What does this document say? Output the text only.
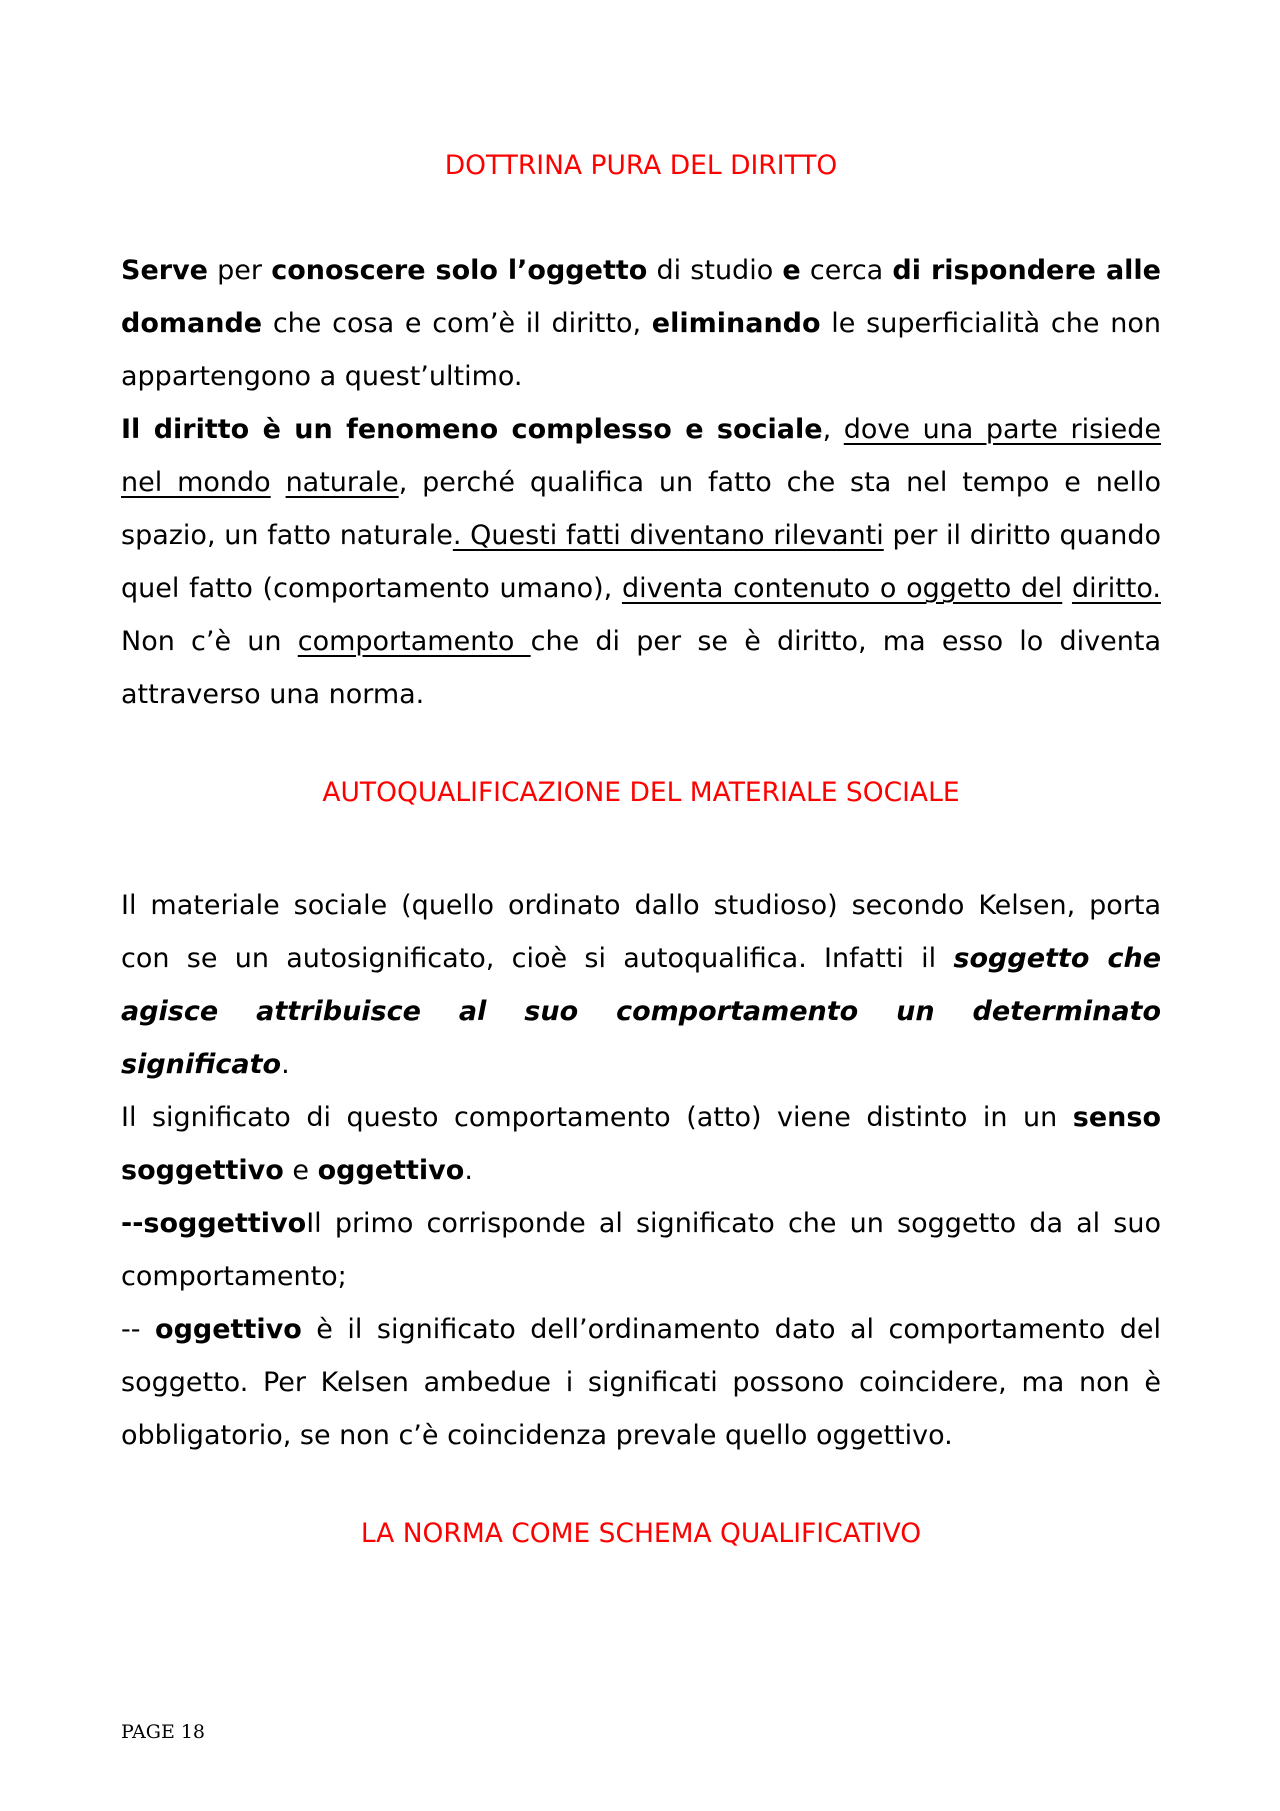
DOTTRINA PURA DEL DIRITTO

Serve per conoscere solo l’oggetto di studio e cerca di rispondere alle domande che cosa e com’è il diritto, eliminando le superficialità che non appartengono a quest’ultimo.

Il diritto è un fenomeno complesso e sociale, dove una parte risiede nel mondo naturale, perché qualifica un fatto che sta nel tempo e nello spazio, un fatto naturale. Questi fatti diventano rilevanti per il diritto quando quel fatto (comportamento umano), diventa contenuto o oggetto del diritto. Non c’è un comportamento che di per se è diritto, ma esso lo diventa attraverso una norma.

AUTOQUALIFICAZIONE DEL MATERIALE SOCIALE

Il materiale sociale (quello ordinato dallo studioso) secondo Kelsen, porta con se un autosignificato, cioè si autoqualifica. Infatti il soggetto che agisce attribuisce al suo comportamento un determinato significato.

Il significato di questo comportamento (atto) viene distinto in un senso soggettivo e oggettivo.

--soggettivoIl primo corrisponde al significato che un soggetto da al suo comportamento;

-- oggettivo è il significato dell’ordinamento dato al comportamento del soggetto. Per Kelsen ambedue i significati possono coincidere, ma non è obbligatorio, se non c’è coincidenza prevale quello oggettivo.

LA NORMA COME SCHEMA QUALIFICATIVO

PAGE 18
